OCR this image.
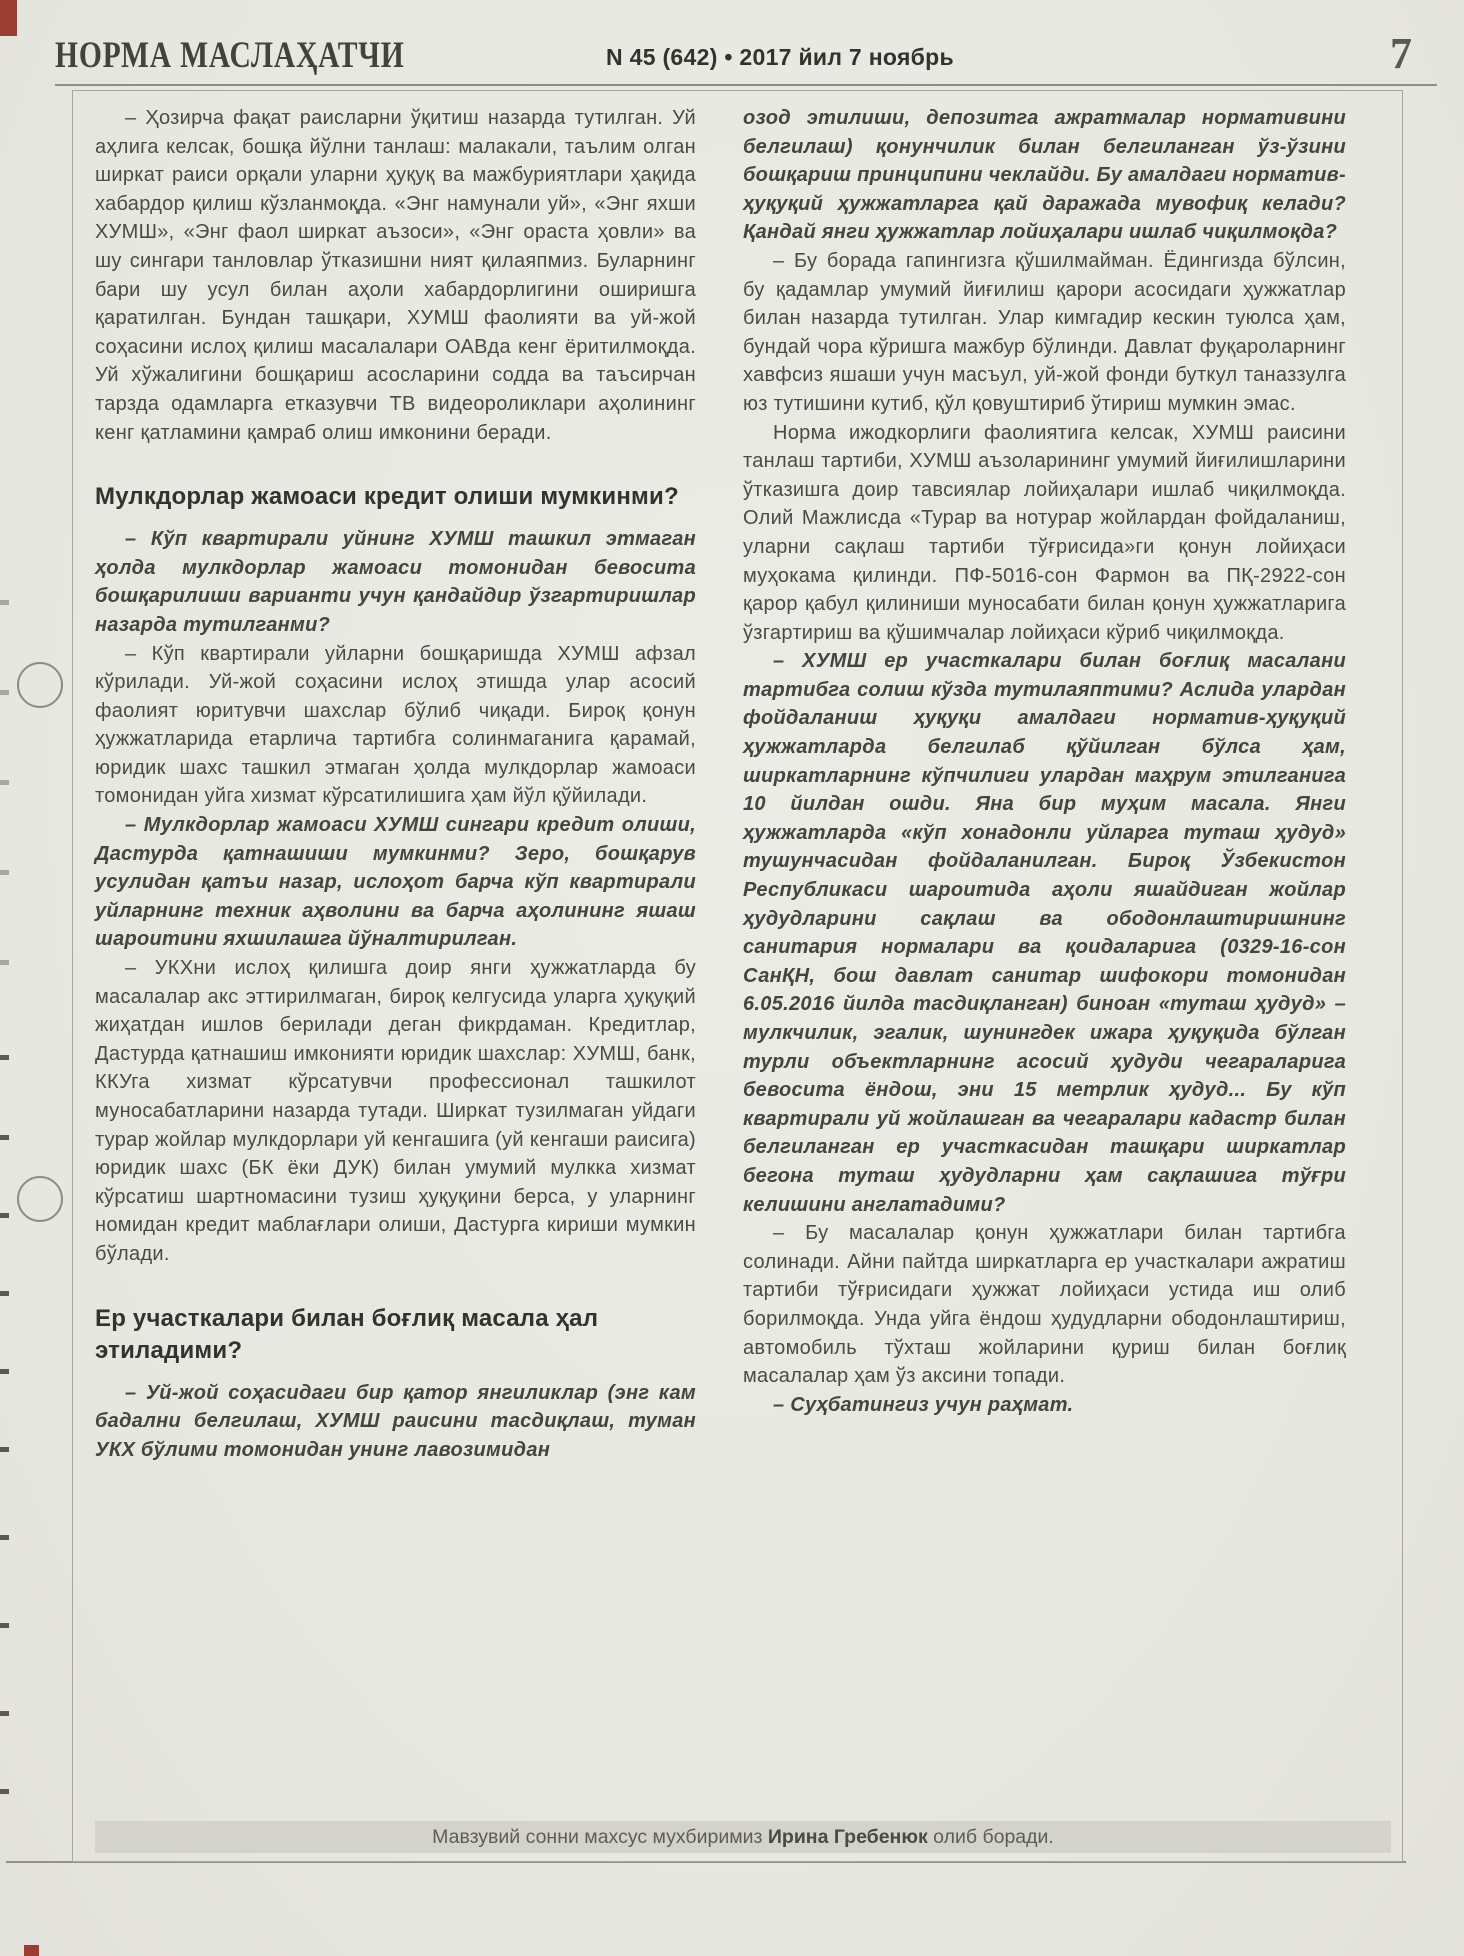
НОРМА МАСЛАҲАТЧИ	N 45 (642) • 2017 йил 7 ноябрь	7

– Ҳозирча фақат раисларни ўқитиш назарда тутилган. Уй аҳлига келсак, бошқа йўлни танлаш: малакали, таълим олган ширкат раиси орқали уларни ҳуқуқ ва мажбуриятлари ҳақида хабардор қилиш кўзланмоқда. «Энг намунали уй», «Энг яхши ХУМШ», «Энг фаол ширкат аъзоси», «Энг ораста ҳовли» ва шу сингари танловлар ўтказишни ният қилаяпмиз. Буларнинг бари шу усул билан аҳоли хабардорлигини оширишга қаратилган. Бундан ташқари, ХУМШ фаолияти ва уй-жой соҳасини ислоҳ қилиш масалалари ОАВда кенг ёритилмоқда. Уй хўжалигини бошқариш асосларини содда ва таъсирчан тарзда одамларга етказувчи ТВ видеороликлари аҳолининг кенг қатламини қамраб олиш имконини беради.

Мулкдорлар жамоаси кредит олиши мумкинми?

– Кўп квартирали уйнинг ХУМШ ташкил этмаган ҳолда мулкдорлар жамоаси томонидан бевосита бошқарилиши варианти учун қандайдир ўзгартиришлар назарда тутилганми?

– Кўп квартирали уйларни бошқаришда ХУМШ афзал кўрилади. Уй-жой соҳасини ислоҳ этишда улар асосий фаолият юритувчи шахслар бўлиб чиқади. Бироқ қонун ҳужжатларида етарлича тартибга солинмаганига қарамай, юридик шахс ташкил этмаган ҳолда мулкдорлар жамоаси томонидан уйга хизмат кўрсатилишига ҳам йўл қўйилади.

– Мулкдорлар жамоаси ХУМШ сингари кредит олиши, Дастурда қатнашиши мумкинми? Зеро, бошқарув усулидан қатъи назар, ислоҳот барча кўп квартирали уйларнинг техник аҳволини ва барча аҳолининг яшаш шароитини яхшилашга йўналтирилган.

– УКХни ислоҳ қилишга доир янги ҳужжатларда бу масалалар акс эттирилмаган, бироқ келгусида уларга ҳуқуқий жиҳатдан ишлов берилади деган фикрдаман. Кредитлар, Дастурда қатнашиш имконияти юридик шахслар: ХУМШ, банк, ККУга хизмат кўрсатувчи профессионал ташкилот муносабатларини назарда тутади. Ширкат тузилмаган уйдаги турар жойлар мулкдорлари уй кенгашига (уй кенгаши раисига) юридик шахс (БК ёки ДУК) билан умумий мулкка хизмат кўрсатиш шартномасини тузиш ҳуқуқини берса, у уларнинг номидан кредит маблағлари олиши, Дастурга кириши мумкин бўлади.

Ер участкалари билан боғлиқ масала ҳал этиладими?

– Уй-жой соҳасидаги бир қатор янгиликлар (энг кам бадални белгилаш, ХУМШ раисини тасдиқлаш, туман УКХ бўлими томонидан унинг лавозимидан

озод этилиши, депозитга ажратмалар нормативини белгилаш) қонунчилик билан белгиланган ўз-ўзини бошқариш принципини чеклайди. Бу амалдаги норматив-ҳуқуқий ҳужжатларга қай даражада мувофиқ келади? Қандай янги ҳужжатлар лойиҳалари ишлаб чиқилмоқда?

– Бу борада гапингизга қўшилмайман. Ёдингизда бўлсин, бу қадамлар умумий йиғилиш қарори асосидаги ҳужжатлар билан назарда тутилган. Улар кимгадир кескин туюлса ҳам, бундай чора кўришга мажбур бўлинди. Давлат фуқароларнинг хавфсиз яшаши учун масъул, уй-жой фонди буткул таназзулга юз тутишини кутиб, қўл қовуштириб ўтириш мумкин эмас.

Норма ижодкорлиги фаолиятига келсак, ХУМШ раисини танлаш тартиби, ХУМШ аъзоларининг умумий йиғилишларини ўтказишга доир тавсиялар лойиҳалари ишлаб чиқилмоқда. Олий Мажлисда «Турар ва нотурар жойлардан фойдаланиш, уларни сақлаш тартиби тўғрисида»ги қонун лойиҳаси муҳокама қилинди. ПФ-5016-сон Фармон ва ПҚ-2922-сон қарор қабул қилиниши муносабати билан қонун ҳужжатларига ўзгартириш ва қўшимчалар лойиҳаси кўриб чиқилмоқда.

– ХУМШ ер участкалари билан боғлиқ масалани тартибга солиш кўзда тутилаяптими? Аслида улардан фойдаланиш ҳуқуқи амалдаги норматив-ҳуқуқий ҳужжатларда белгилаб қўйилган бўлса ҳам, ширкатларнинг кўпчилиги улардан маҳрум этилганига 10 йилдан ошди. Яна бир муҳим масала. Янги ҳужжатларда «кўп хонадонли уйларга туташ ҳудуд» тушунчасидан фойдаланилган. Бироқ Ўзбекистон Республикаси шароитида аҳоли яшайдиган жойлар ҳудудларини сақлаш ва ободонлаштиришнинг санитария нормалари ва қоидаларига (0329-16-сон СанҚН, бош давлат санитар шифокори томонидан 6.05.2016 йилда тасдиқланган) биноан «туташ ҳудуд» – мулкчилик, эгалик, шунингдек ижара ҳуқуқида бўлган турли объектларнинг асосий ҳудуди чегараларига бевосита ёндош, эни 15 метрлик ҳудуд... Бу кўп квартирали уй жойлашган ва чегаралари кадастр билан белгиланган ер участкасидан ташқари ширкатлар бегона туташ ҳудудларни ҳам сақлашига тўғри келишини англатадими?

– Бу масалалар қонун ҳужжатлари билан тартибга солинади. Айни пайтда ширкатларга ер участкалари ажратиш тартиби тўғрисидаги ҳужжат лойиҳаси устида иш олиб борилмоқда. Унда уйга ёндош ҳудудларни ободонлаштириш, автомобиль тўхташ жойларини қуриш билан боғлиқ масалалар ҳам ўз аксини топади.

– Суҳбатингиз учун раҳмат.

Мавзувий сонни махсус мухбиримиз Ирина Гребенюк олиб боради.
